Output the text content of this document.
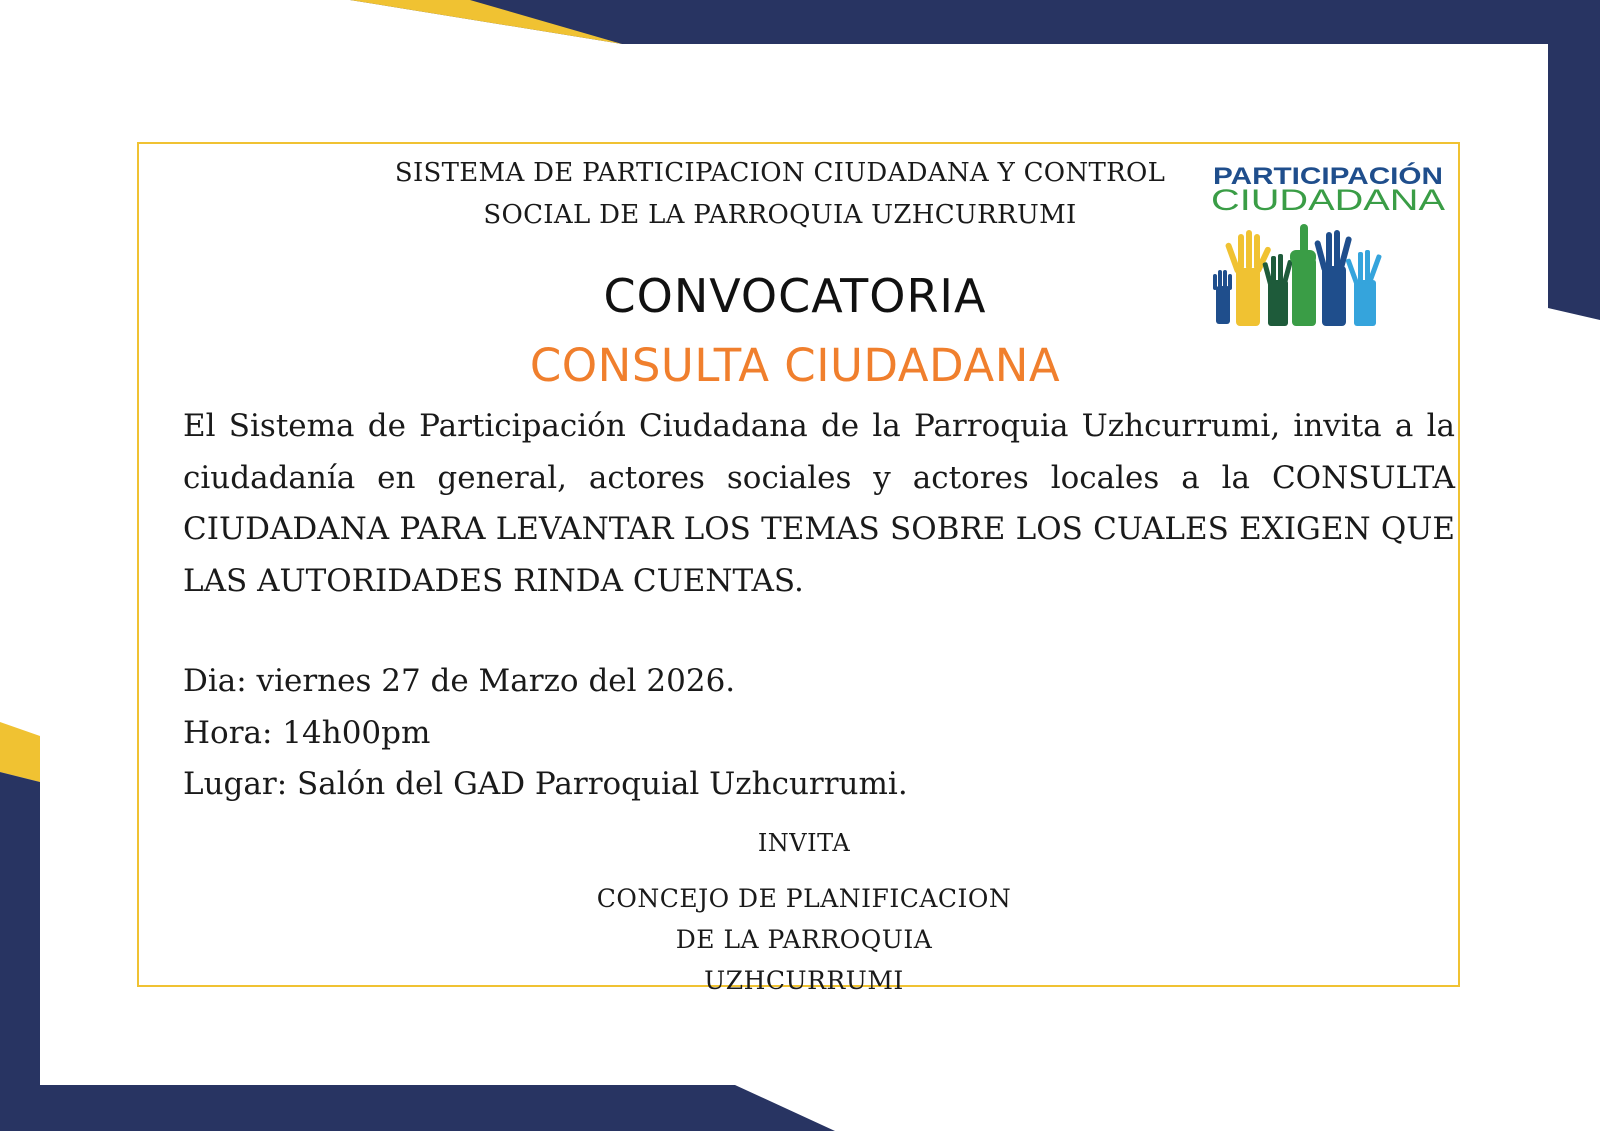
SISTEMA DE PARTICIPACION CIUDADANA Y CONTROL
SOCIAL DE LA PARROQUIA UZHCURRUMI
PARTICIPACIÓN
CIUDADANA
CONVOCATORIA
CONSULTA CIUDADANA

El Sistema de Participación Ciudadana de la Parroquia Uzhcurrumi, invita a la ciudadanía en general, actores sociales y actores locales a la CONSULTA CIUDADANA PARA LEVANTAR LOS TEMAS SOBRE LOS CUALES EXIGEN QUE LAS AUTORIDADES RINDA CUENTAS.

Dia: viernes 27 de Marzo del 2026.
Hora: 14h00pm
Lugar: Salón del GAD Parroquial Uzhcurrumi.
INVITA
CONCEJO DE PLANIFICACION
DE LA PARROQUIA
UZHCURRUMI
